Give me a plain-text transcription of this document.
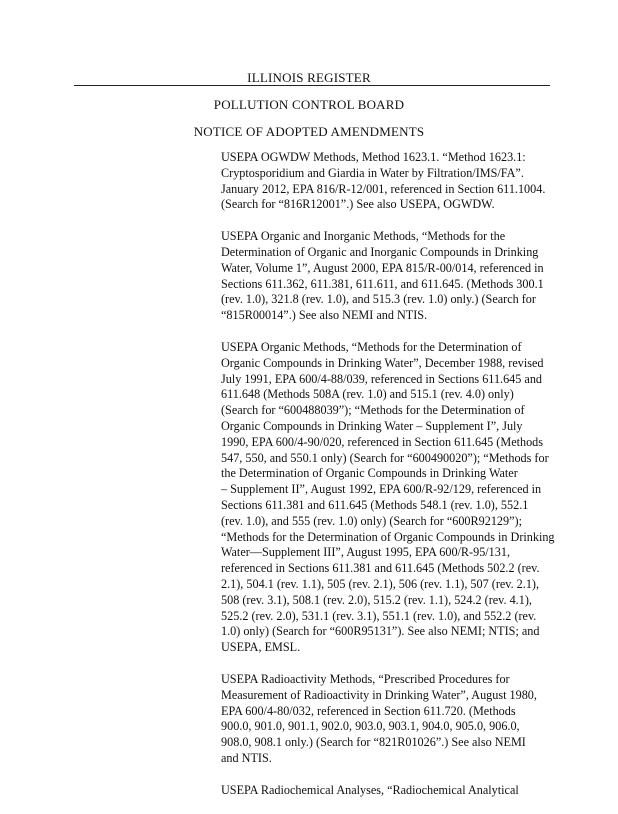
ILLINOIS REGISTER
POLLUTION CONTROL BOARD
NOTICE OF ADOPTED AMENDMENTS

USEPA OGWDW Methods, Method 1623.1. “Method 1623.1:
Cryptosporidium and Giardia in Water by Filtration/IMS/FA”.
January 2012, EPA 816/R-12/001, referenced in Section 611.1004.
(Search for “816R12001”.) See also USEPA, OGWDW.

USEPA Organic and Inorganic Methods, “Methods for the
Determination of Organic and Inorganic Compounds in Drinking
Water, Volume 1”, August 2000, EPA 815/R-00/014, referenced in
Sections 611.362, 611.381, 611.611, and 611.645. (Methods 300.1
(rev. 1.0), 321.8 (rev. 1.0), and 515.3 (rev. 1.0) only.) (Search for
“815R00014”.) See also NEMI and NTIS.

USEPA Organic Methods, “Methods for the Determination of
Organic Compounds in Drinking Water”, December 1988, revised
July 1991, EPA 600/4-88/039, referenced in Sections 611.645 and
611.648 (Methods 508A (rev. 1.0) and 515.1 (rev. 4.0) only)
(Search for “600488039”); “Methods for the Determination of
Organic Compounds in Drinking Water – Supplement I”, July
1990, EPA 600/4-90/020, referenced in Section 611.645 (Methods
547, 550, and 550.1 only) (Search for “600490020”); “Methods for
the Determination of Organic Compounds in Drinking Water
– Supplement II”, August 1992, EPA 600/R-92/129, referenced in
Sections 611.381 and 611.645 (Methods 548.1 (rev. 1.0), 552.1
(rev. 1.0), and 555 (rev. 1.0) only) (Search for “600R92129”);
“Methods for the Determination of Organic Compounds in Drinking
Water—Supplement III”, August 1995, EPA 600/R-95/131,
referenced in Sections 611.381 and 611.645 (Methods 502.2 (rev.
2.1), 504.1 (rev. 1.1), 505 (rev. 2.1), 506 (rev. 1.1), 507 (rev. 2.1),
508 (rev. 3.1), 508.1 (rev. 2.0), 515.2 (rev. 1.1), 524.2 (rev. 4.1),
525.2 (rev. 2.0), 531.1 (rev. 3.1), 551.1 (rev. 1.0), and 552.2 (rev.
1.0) only) (Search for “600R95131”). See also NEMI; NTIS; and
USEPA, EMSL.

USEPA Radioactivity Methods, “Prescribed Procedures for
Measurement of Radioactivity in Drinking Water”, August 1980,
EPA 600/4-80/032, referenced in Section 611.720. (Methods
900.0, 901.0, 901.1, 902.0, 903.0, 903.1, 904.0, 905.0, 906.0,
908.0, 908.1 only.) (Search for “821R01026”.) See also NEMI
and NTIS.

USEPA Radiochemical Analyses, “Radiochemical Analytical
